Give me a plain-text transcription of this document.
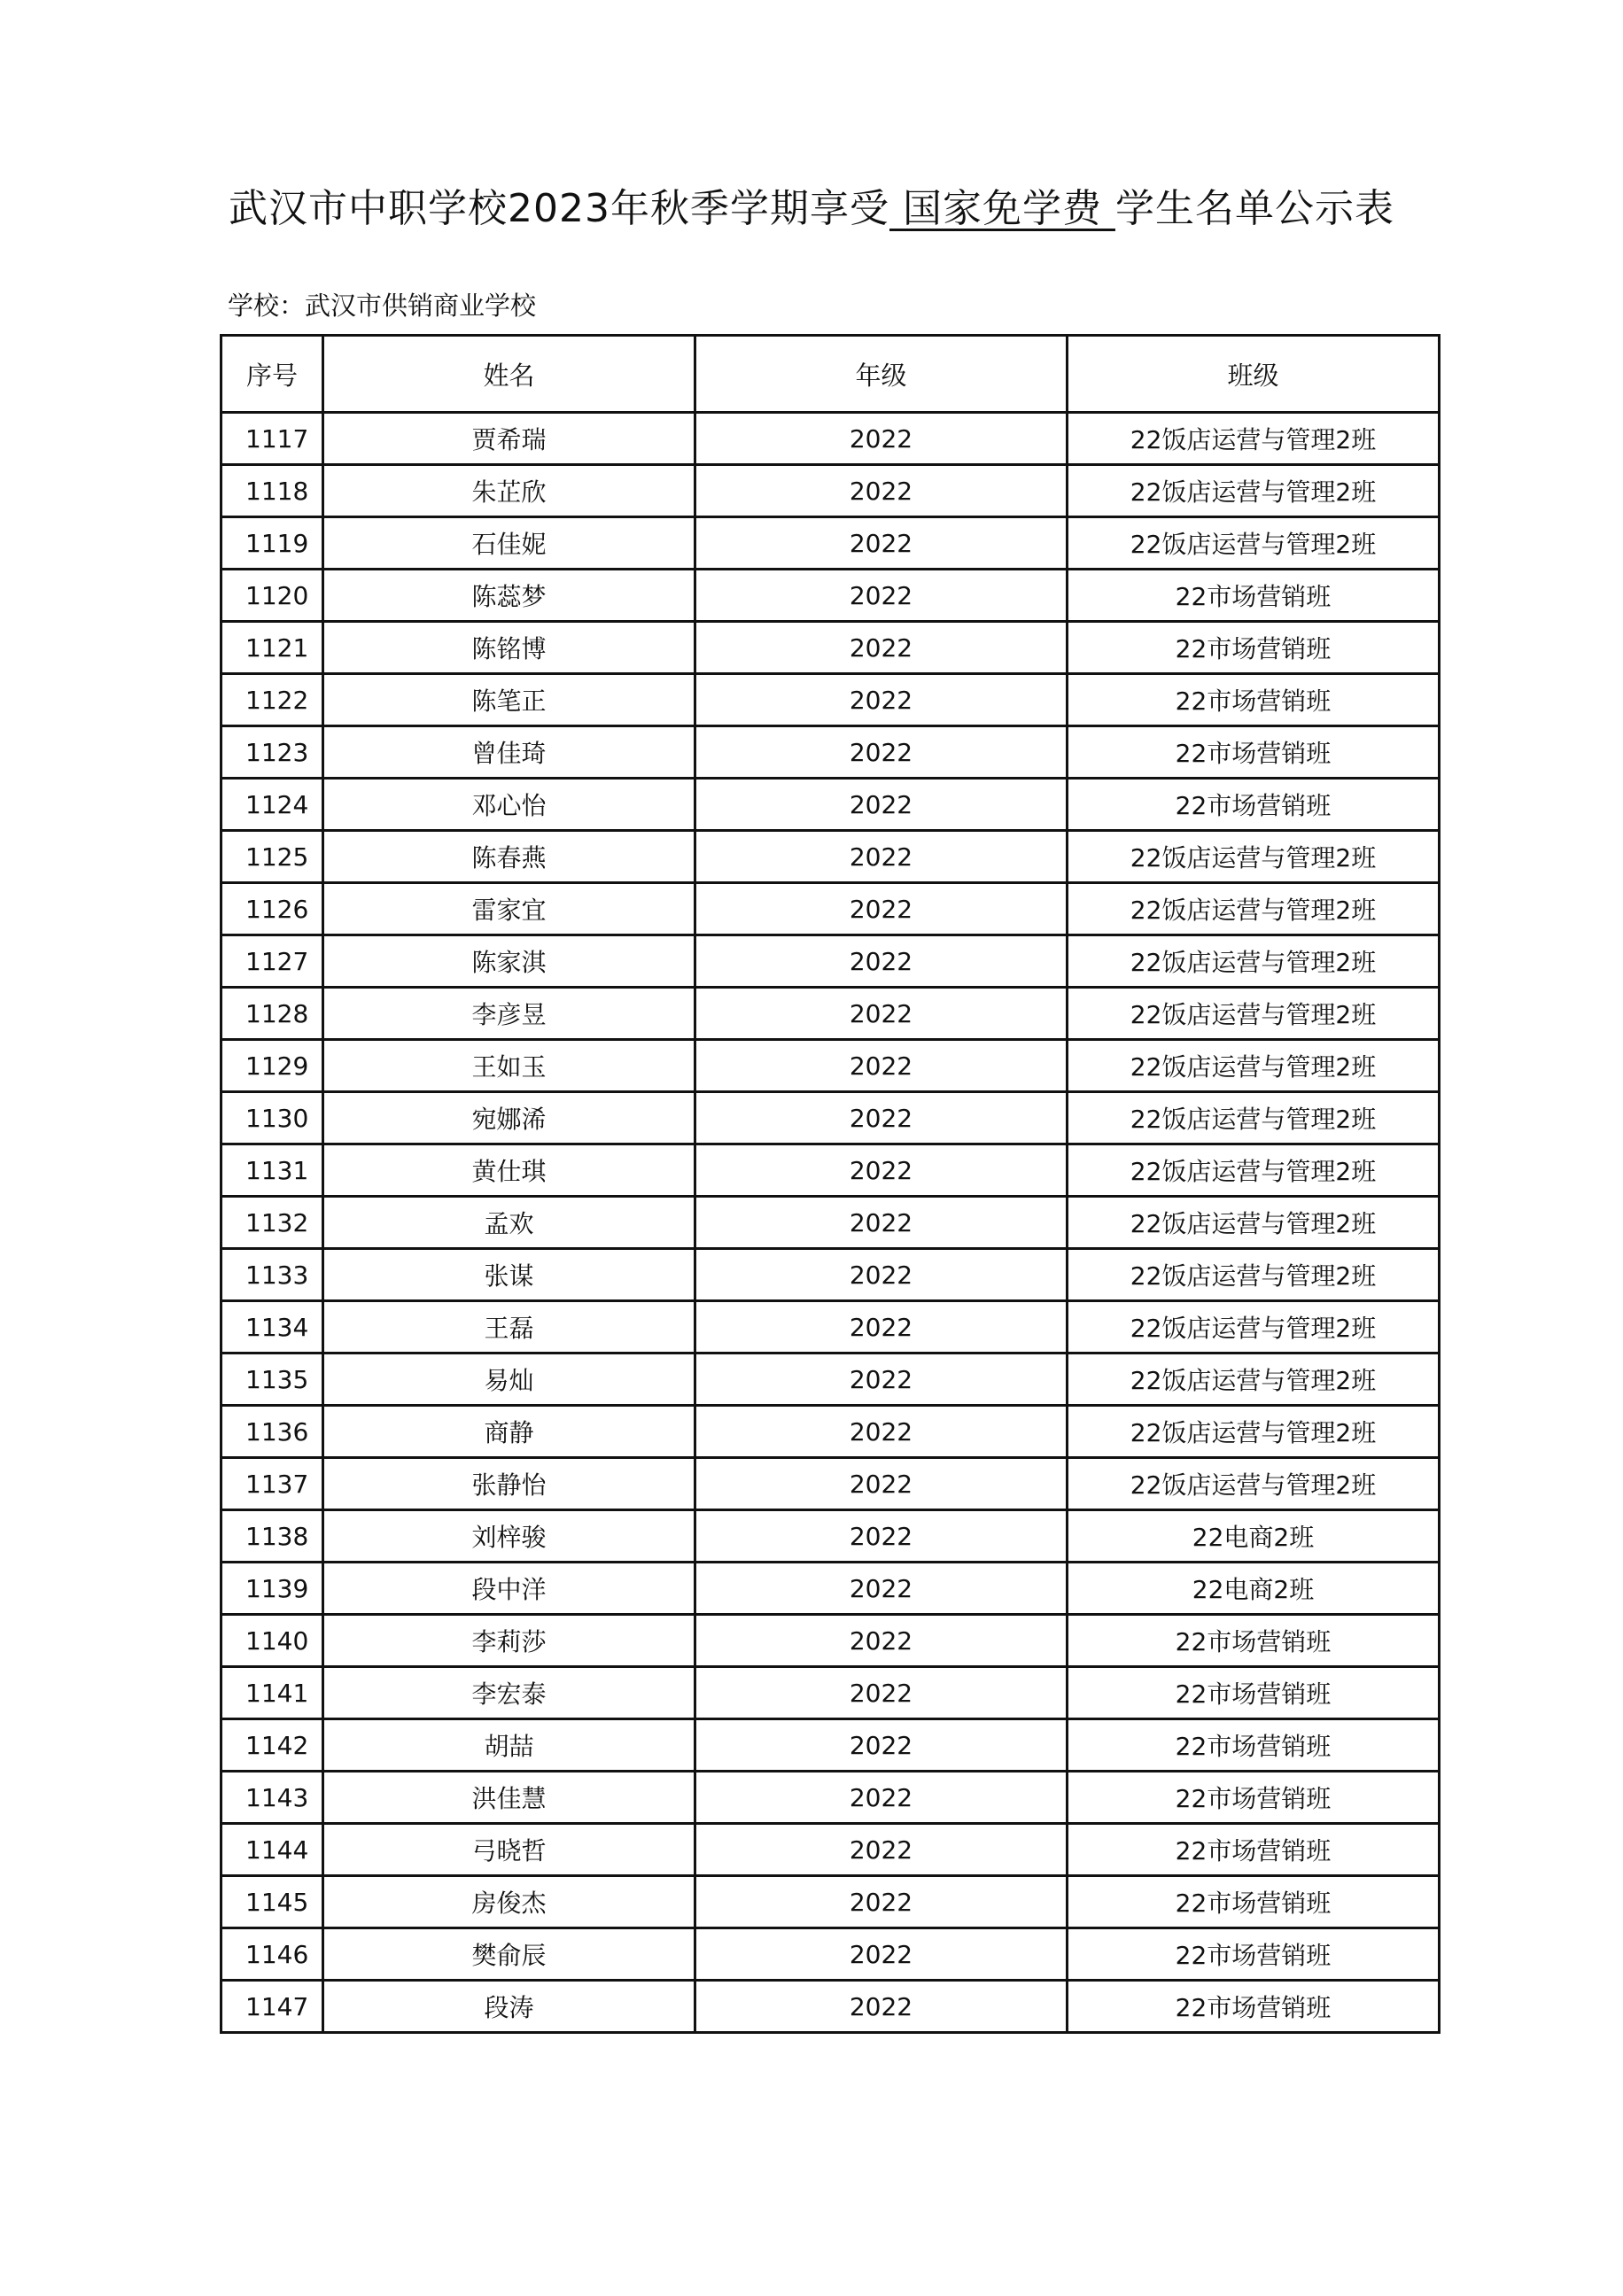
武汉市中职学校2023年秋季学期享受 国家免学费 学生名单公示表
学校：武汉市供销商业学校
序号	姓名	年级	班级
1117	贾希瑞	2022	22饭店运营与管理2班
1118	朱芷欣	2022	22饭店运营与管理2班
1119	石佳妮	2022	22饭店运营与管理2班
1120	陈蕊梦	2022	22市场营销班
1121	陈铭博	2022	22市场营销班
1122	陈笔正	2022	22市场营销班
1123	曾佳琦	2022	22市场营销班
1124	邓心怡	2022	22市场营销班
1125	陈春燕	2022	22饭店运营与管理2班
1126	雷家宜	2022	22饭店运营与管理2班
1127	陈家淇	2022	22饭店运营与管理2班
1128	李彦昱	2022	22饭店运营与管理2班
1129	王如玉	2022	22饭店运营与管理2班
1130	宛娜浠	2022	22饭店运营与管理2班
1131	黄仕琪	2022	22饭店运营与管理2班
1132	孟欢	2022	22饭店运营与管理2班
1133	张谋	2022	22饭店运营与管理2班
1134	王磊	2022	22饭店运营与管理2班
1135	易灿	2022	22饭店运营与管理2班
1136	商静	2022	22饭店运营与管理2班
1137	张静怡	2022	22饭店运营与管理2班
1138	刘梓骏	2022	22电商2班
1139	段中洋	2022	22电商2班
1140	李莉莎	2022	22市场营销班
1141	李宏泰	2022	22市场营销班
1142	胡喆	2022	22市场营销班
1143	洪佳慧	2022	22市场营销班
1144	弓晓哲	2022	22市场营销班
1145	房俊杰	2022	22市场营销班
1146	樊俞辰	2022	22市场营销班
1147	段涛	2022	22市场营销班
